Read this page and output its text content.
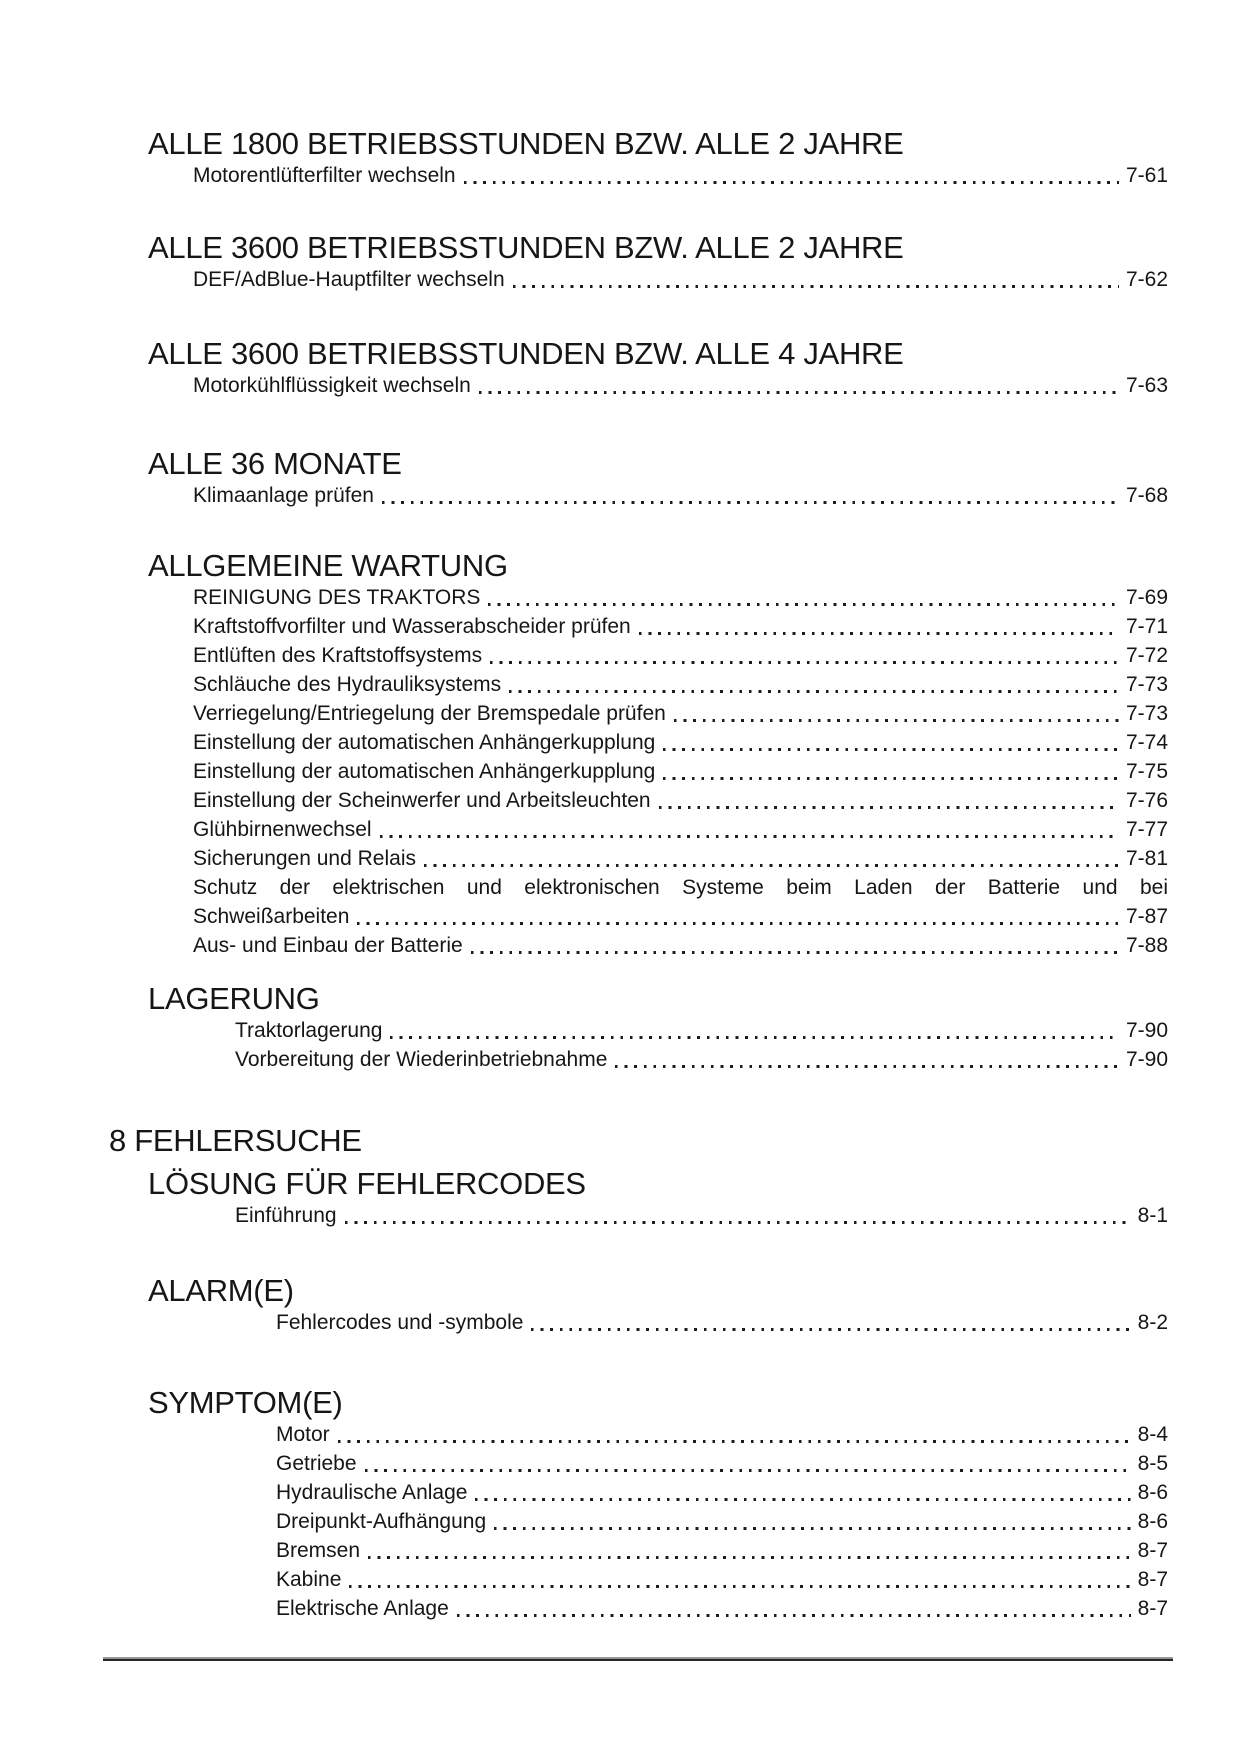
ALLE 1800 BETRIEBSSTUNDEN BZW. ALLE 2 JAHRE
Motorentlüfterfilter wechseln	7-61
ALLE 3600 BETRIEBSSTUNDEN BZW. ALLE 2 JAHRE
DEF/AdBlue-Hauptfilter wechseln	7-62
ALLE 3600 BETRIEBSSTUNDEN BZW. ALLE 4 JAHRE
Motorkühlflüssigkeit wechseln	7-63
ALLE 36 MONATE
Klimaanlage prüfen	7-68
ALLGEMEINE WARTUNG
REINIGUNG DES TRAKTORS	7-69
Kraftstoffvorfilter und Wasserabscheider prüfen	7-71
Entlüften des Kraftstoffsystems	7-72
Schläuche des Hydrauliksystems	7-73
Verriegelung/Entriegelung der Bremspedale prüfen	7-73
Einstellung der automatischen Anhängerkupplung	7-74
Einstellung der automatischen Anhängerkupplung	7-75
Einstellung der Scheinwerfer und Arbeitsleuchten	7-76
Glühbirnenwechsel	7-77
Sicherungen und Relais	7-81
Schutz der elektrischen und elektronischen Systeme beim Laden der Batterie und bei
Schweißarbeiten	7-87
Aus- und Einbau der Batterie	7-88
LAGERUNG
Traktorlagerung	7-90
Vorbereitung der Wiederinbetriebnahme	7-90
8 FEHLERSUCHE
LÖSUNG FÜR FEHLERCODES
Einführung	8-1
ALARM(E)
Fehlercodes und -symbole	8-2
SYMPTOM(E)
Motor	8-4
Getriebe	8-5
Hydraulische Anlage	8-6
Dreipunkt-Aufhängung	8-6
Bremsen	8-7
Kabine	8-7
Elektrische Anlage	8-7
